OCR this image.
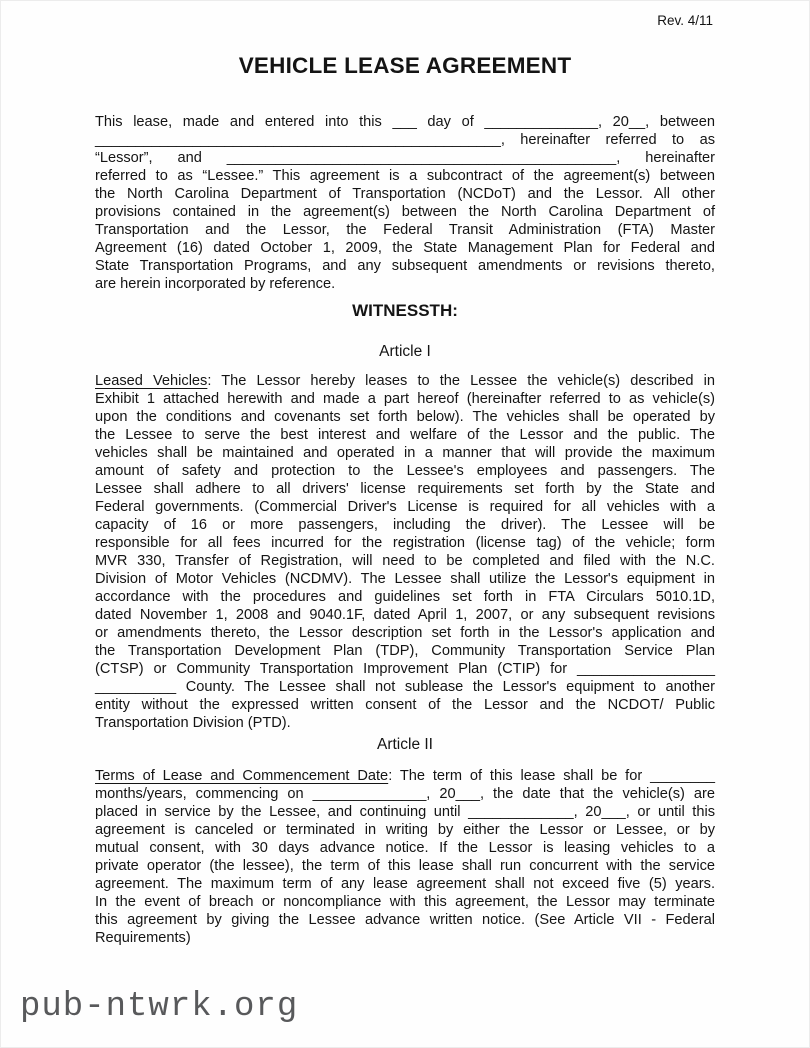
Rev. 4/11
VEHICLE LEASE AGREEMENT
This lease, made and entered into this ___ day of ______________, 20__, between
__________________________________________________, hereinafter referred to as
“Lessor”, and ________________________________________________, hereinafter
referred to as “Lessee.” This agreement is a subcontract of the agreement(s) between
the North Carolina Department of Transportation (NCDoT) and the Lessor. All other
provisions contained in the agreement(s) between the North Carolina Department of
Transportation and the Lessor, the Federal Transit Administration (FTA) Master
Agreement (16) dated October 1, 2009, the State Management Plan for Federal and
State Transportation Programs, and any subsequent amendments or revisions thereto,
are herein incorporated by reference.
WITNESSTH:
Article I
Leased Vehicles: The Lessor hereby leases to the Lessee the vehicle(s) described in
Exhibit 1 attached herewith and made a part hereof (hereinafter referred to as vehicle(s)
upon the conditions and covenants set forth below). The vehicles shall be operated by
the Lessee to serve the best interest and welfare of the Lessor and the public. The
vehicles shall be maintained and operated in a manner that will provide the maximum
amount of safety and protection to the Lessee's employees and passengers. The
Lessee shall adhere to all drivers' license requirements set forth by the State and
Federal governments. (Commercial Driver's License is required for all vehicles with a
capacity of 16 or more passengers, including the driver). The Lessee will be
responsible for all fees incurred for the registration (license tag) of the vehicle; form
MVR 330, Transfer of Registration, will need to be completed and filed with the N.C.
Division of Motor Vehicles (NCDMV). The Lessee shall utilize the Lessor's equipment in
accordance with the procedures and guidelines set forth in FTA Circulars 5010.1D,
dated November 1, 2008 and 9040.1F, dated April 1, 2007, or any subsequent revisions
or amendments thereto, the Lessor description set forth in the Lessor's application and
the Transportation Development Plan (TDP), Community Transportation Service Plan
(CTSP) or Community Transportation Improvement Plan (CTIP) for _________________
__________ County. The Lessee shall not sublease the Lessor's equipment to another
entity without the expressed written consent of the Lessor and the NCDOT/ Public
Transportation Division (PTD).
Article II
Terms of Lease and Commencement Date: The term of this lease shall be for ________
months/years, commencing on ______________, 20___, the date that the vehicle(s) are
placed in service by the Lessee, and continuing until _____________, 20___, or until this
agreement is canceled or terminated in writing by either the Lessor or Lessee, or by
mutual consent, with 30 days advance notice. If the Lessor is leasing vehicles to a
private operator (the lessee), the term of this lease shall run concurrent with the service
agreement. The maximum term of any lease agreement shall not exceed five (5) years.
In the event of breach or noncompliance with this agreement, the Lessor may terminate
this agreement by giving the Lessee advance written notice. (See Article VII - Federal
Requirements)
pub-ntwrk.org
